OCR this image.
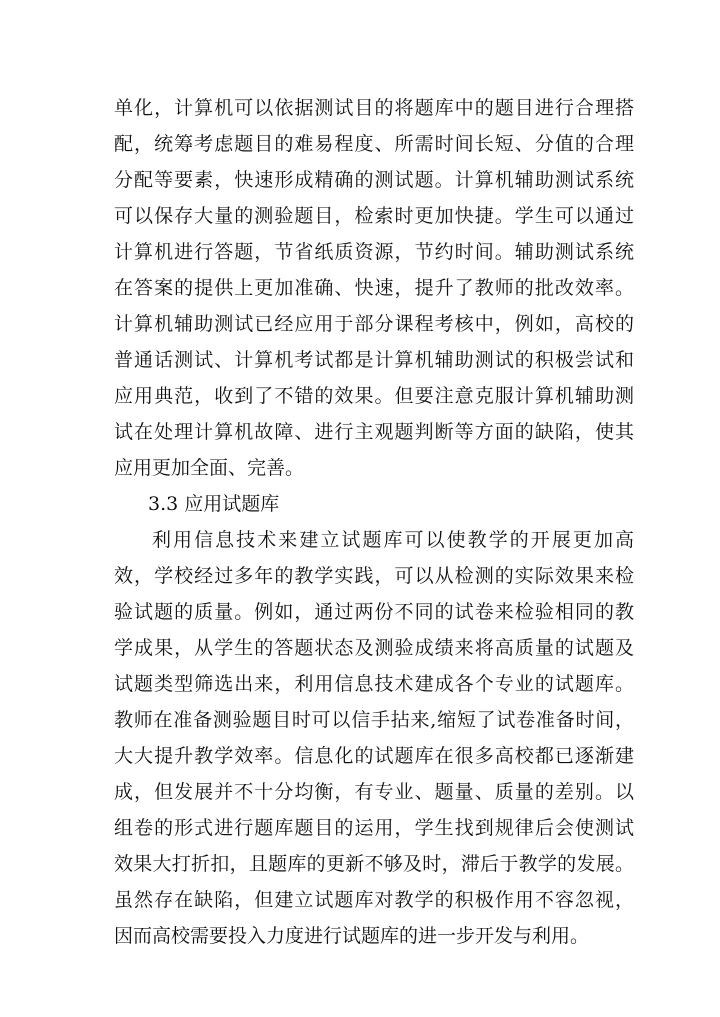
单化，计算机可以依据测试目的将题库中的题目进行合理搭
配，统筹考虑题目的难易程度、所需时间长短、分值的合理
分配等要素，快速形成精确的测试题。计算机辅助测试系统
可以保存大量的测验题目，检索时更加快捷。学生可以通过
计算机进行答题，节省纸质资源，节约时间。辅助测试系统
在答案的提供上更加准确、快速，提升了教师的批改效率。
计算机辅助测试已经应用于部分课程考核中，例如，高校的
普通话测试、计算机考试都是计算机辅助测试的积极尝试和
应用典范，收到了不错的效果。但要注意克服计算机辅助测
试在处理计算机故障、进行主观题判断等方面的缺陷，使其
应用更加全面、完善。
3.3 应用试题库
利用信息技术来建立试题库可以使教学的开展更加高
效，学校经过多年的教学实践，可以从检测的实际效果来检
验试题的质量。例如，通过两份不同的试卷来检验相同的教
学成果，从学生的答题状态及测验成绩来将高质量的试题及
试题类型筛选出来，利用信息技术建成各个专业的试题库。
教师在准备测验题目时可以信手拈来,缩短了试卷准备时间，
大大提升教学效率。信息化的试题库在很多高校都已逐渐建
成，但发展并不十分均衡，有专业、题量、质量的差别。以
组卷的形式进行题库题目的运用，学生找到规律后会使测试
效果大打折扣，且题库的更新不够及时，滞后于教学的发展。
虽然存在缺陷，但建立试题库对教学的积极作用不容忽视，
因而高校需要投入力度进行试题库的进一步开发与利用。
